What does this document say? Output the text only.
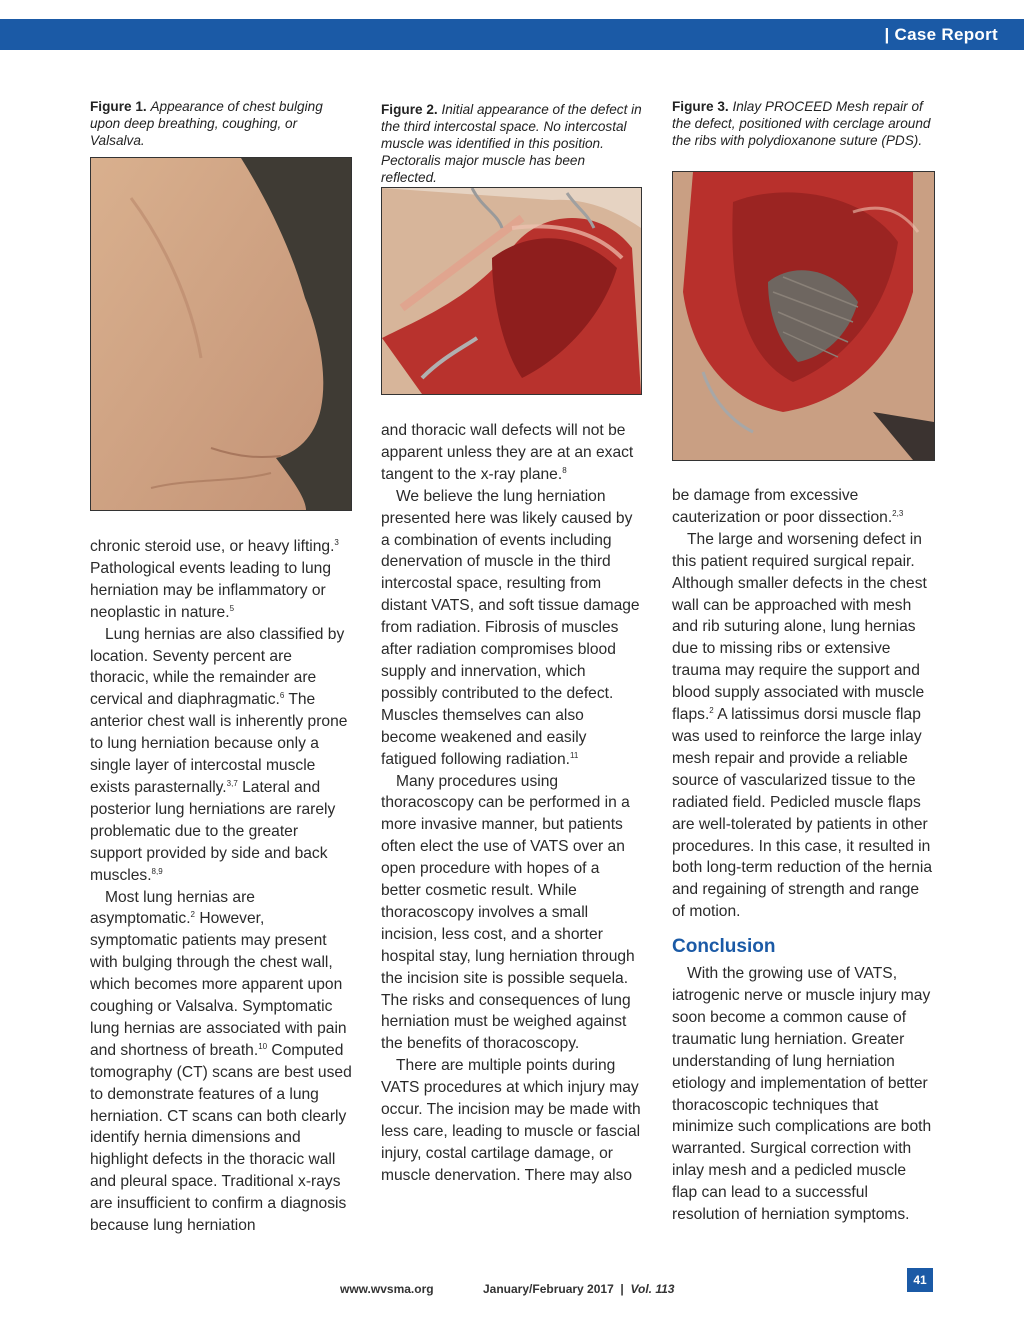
| Case Report
Figure 1. Appearance of chest bulging upon deep breathing, coughing, or Valsalva.

chronic steroid use, or heavy lifting.$^3$ Pathological events leading to lung herniation may be inflammatory or neoplastic in nature.$^5$

Lung hernias are also classified by location. Seventy percent are thoracic, while the remainder are cervical and diaphragmatic.$^6$ The anterior chest wall is inherently prone to lung herniation because only a single layer of intercostal muscle exists parasternally.$^{3,7}$ Lateral and posterior lung herniations are rarely problematic due to the greater support provided by side and back muscles.$^{8,9}$

Most lung hernias are asymptomatic.$^2$ However, symptomatic patients may present with bulging through the chest wall, which becomes more apparent upon coughing or Valsalva. Symptomatic lung hernias are associated with pain and shortness of breath.$^{10}$ Computed tomography (CT) scans are best used to demonstrate features of a lung herniation. CT scans can both clearly identify hernia dimensions and highlight defects in the thoracic wall and pleural space. Traditional x-rays are insufficient to confirm a diagnosis because lung herniation

Figure 2. Initial appearance of the defect in the third intercostal space. No intercostal muscle was identified in this position. Pectoralis major muscle has been reflected.

and thoracic wall defects will not be apparent unless they are at an exact tangent to the x-ray plane.$^8$

We believe the lung herniation presented here was likely caused by a combination of events including denervation of muscle in the third intercostal space, resulting from distant VATS, and soft tissue damage from radiation. Fibrosis of muscles after radiation compromises blood supply and innervation, which possibly contributed to the defect. Muscles themselves can also become weakened and easily fatigued following radiation.$^{11}$

Many procedures using thoracoscopy can be performed in a more invasive manner, but patients often elect the use of VATS over an open procedure with hopes of a better cosmetic result. While thoracoscopy involves a small incision, less cost, and a shorter hospital stay, lung herniation through the incision site is possible sequela. The risks and consequences of lung herniation must be weighed against the benefits of thoracoscopy.

There are multiple points during VATS procedures at which injury may occur. The incision may be made with less care, leading to muscle or fascial injury, costal cartilage damage, or muscle denervation. There may also

Figure 3. Inlay PROCEED Mesh repair of the defect, positioned with cerclage around the ribs with polydioxanone suture (PDS).

be damage from excessive cauterization or poor dissection.$^{2,3}$

The large and worsening defect in this patient required surgical repair. Although smaller defects in the chest wall can be approached with mesh and rib suturing alone, lung hernias due to missing ribs or extensive trauma may require the support and blood supply associated with muscle flaps.$^2$ A latissimus dorsi muscle flap was used to reinforce the large inlay mesh repair and provide a reliable source of vascularized tissue to the radiated field. Pedicled muscle flaps are well-tolerated by patients in other procedures. In this case, it resulted in both long-term reduction of the hernia and regaining of strength and range of motion.

Conclusion

With the growing use of VATS, iatrogenic nerve or muscle injury may soon become a common cause of traumatic lung herniation. Greater understanding of lung herniation etiology and implementation of better thoracoscopic techniques that minimize such complications are both warranted. Surgical correction with inlay mesh and a pedicled muscle flap can lead to a successful resolution of herniation symptoms.

www.wvsma.org	January/February 2017 | Vol. 113
41
